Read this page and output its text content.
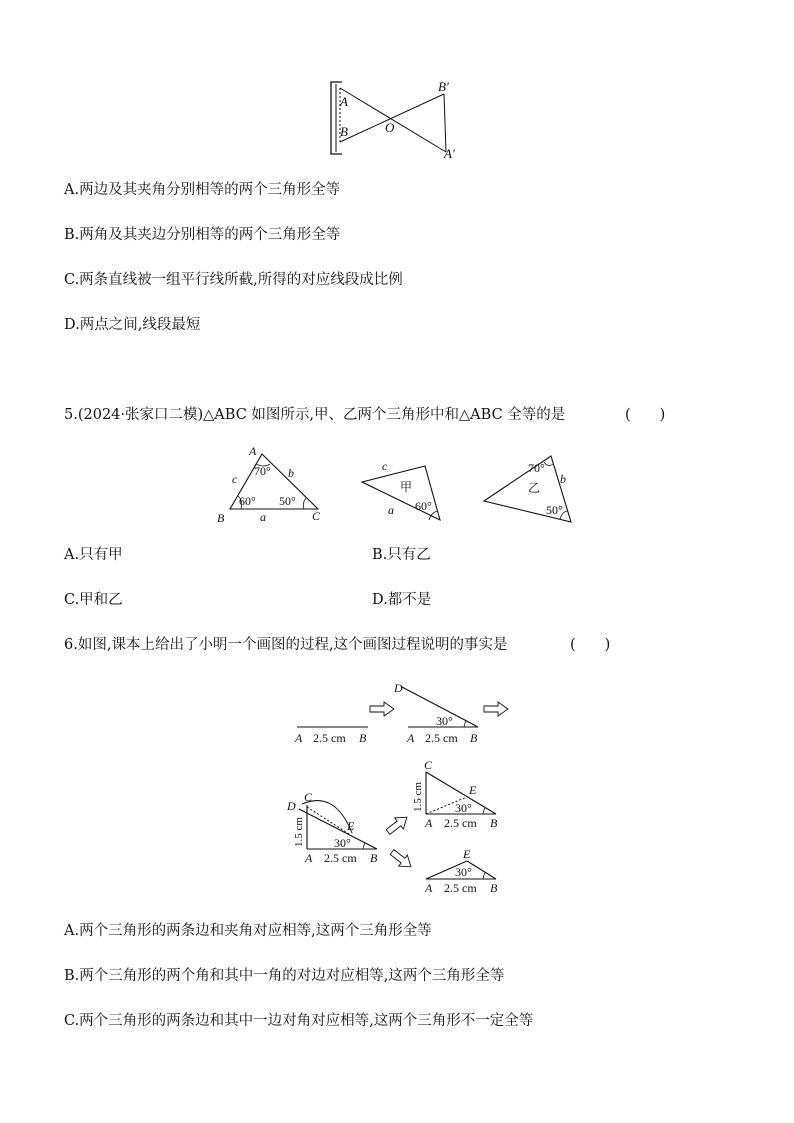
A
B	O
B′
A′
A.两边及其夹角分别相等的两个三角形全等
B.两角及其夹边分别相等的两个三角形全等
C.两条直线被一组平行线所截,所得的对应线段成比例
D.两点之间,线段最短
5.(2024·张家口二模)△ABC 如图所示,甲、乙两个三角形中和△ABC 全等的是	(　　)
A
B	C
c	b
a
70°
60° 50°
c
a
甲
60°
70°
乙
b
50°
A.只有甲	B.只有乙
C.甲和乙	D.都不是
6.如图,课本上给出了小明一个画图的过程,这个画图过程说明的事实是	(　　)
A 2.5 cm B
D
30°
A 2.5 cm B
D
C
E
30°
1.5 cm
A 2.5 cm B
C
E
30°
1.5 cm
A 2.5 cm B
E
30°
A 2.5 cm B
A.两个三角形的两条边和夹角对应相等,这两个三角形全等
B.两个三角形的两个角和其中一角的对边对应相等,这两个三角形全等
C.两个三角形的两条边和其中一边对角对应相等,这两个三角形不一定全等
